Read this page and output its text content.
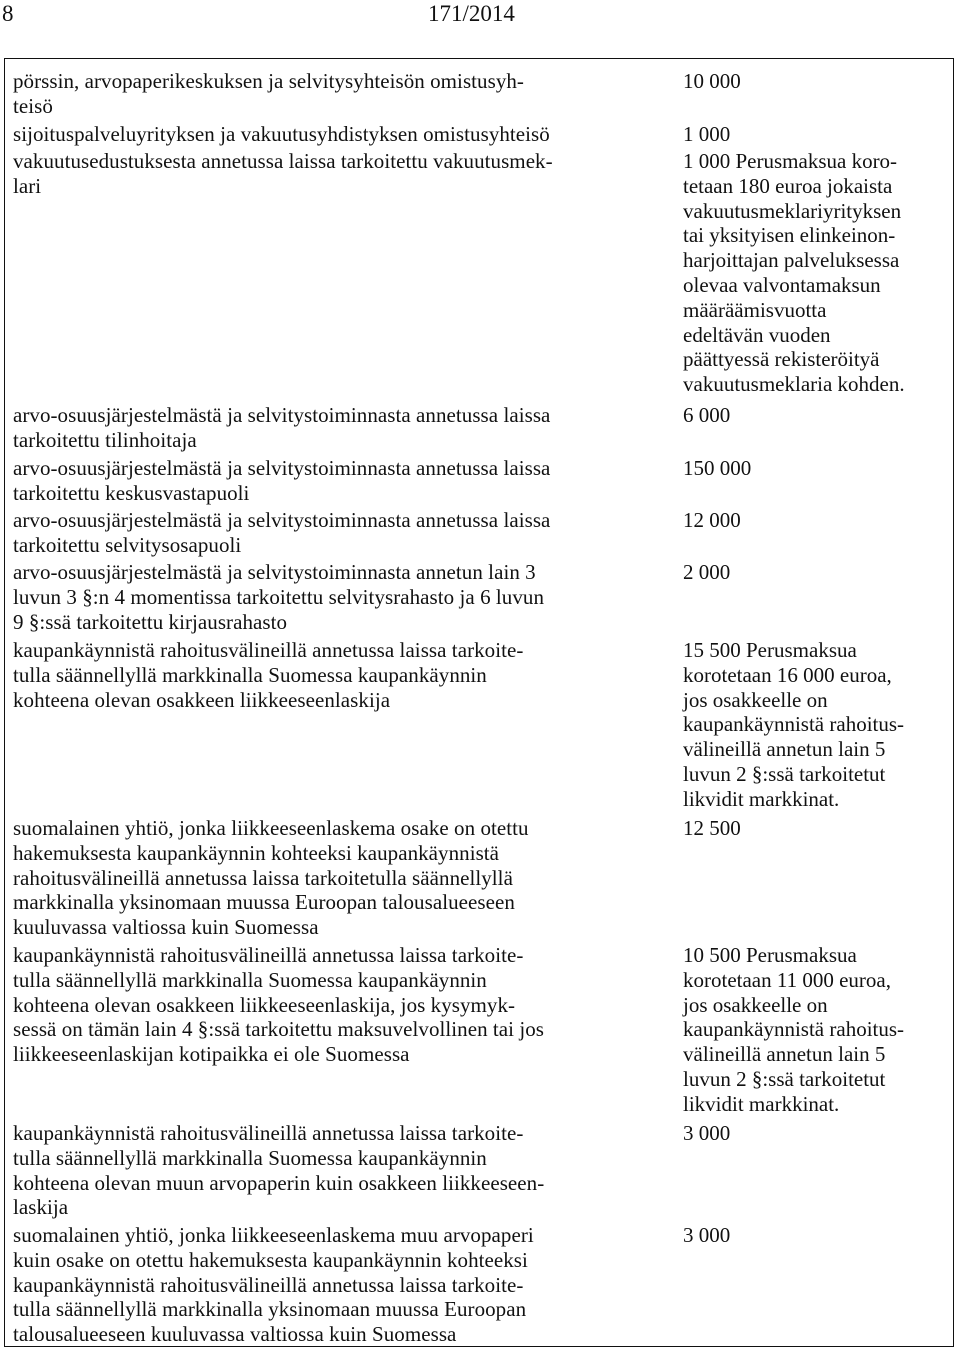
8	171/2014
pörssin, arvopaperikeskuksen ja selvitysyhteisön omistusyh-
teisö
10 000
sijoituspalveluyrityksen ja vakuutusyhdistyksen omistusyhteisö	1 000
vakuutusedustuksesta annetussa laissa tarkoitettu vakuutusmek-
lari
1 000 Perusmaksua koro-
tetaan 180 euroa jokaista
vakuutusmeklariyrityksen
tai yksityisen elinkeinon-
harjoittajan palveluksessa
olevaa valvontamaksun
määräämisvuotta
edeltävän vuoden
päättyessä rekisteröityä
vakuutusmeklaria kohden.
arvo-osuusjärjestelmästä ja selvitystoiminnasta annetussa laissa
tarkoitettu tilinhoitaja
6 000
arvo-osuusjärjestelmästä ja selvitystoiminnasta annetussa laissa
tarkoitettu keskusvastapuoli
150 000
arvo-osuusjärjestelmästä ja selvitystoiminnasta annetussa laissa
tarkoitettu selvitysosapuoli
12 000
arvo-osuusjärjestelmästä ja selvitystoiminnasta annetun lain 3
luvun 3 §:n 4 momentissa tarkoitettu selvitysrahasto ja 6 luvun
9 §:ssä tarkoitettu kirjausrahasto
2 000
kaupankäynnistä rahoitusvälineillä annetussa laissa tarkoite-
tulla säännellyllä markkinalla Suomessa kaupankäynnin
kohteena olevan osakkeen liikkeeseenlaskija
15 500 Perusmaksua
korotetaan 16 000 euroa,
jos osakkeelle on
kaupankäynnistä rahoitus-
välineillä annetun lain 5
luvun 2 §:ssä tarkoitetut
likvidit markkinat.
suomalainen yhtiö, jonka liikkeeseenlaskema osake on otettu
hakemuksesta kaupankäynnin kohteeksi kaupankäynnistä
rahoitusvälineillä annetussa laissa tarkoitetulla säännellyllä
markkinalla yksinomaan muussa Euroopan talousalueeseen
kuuluvassa valtiossa kuin Suomessa
12 500
kaupankäynnistä rahoitusvälineillä annetussa laissa tarkoite-
tulla säännellyllä markkinalla Suomessa kaupankäynnin
kohteena olevan osakkeen liikkeeseenlaskija, jos kysymyk-
sessä on tämän lain 4 §:ssä tarkoitettu maksuvelvollinen tai jos
liikkeeseenlaskijan kotipaikka ei ole Suomessa
10 500 Perusmaksua
korotetaan 11 000 euroa,
jos osakkeelle on
kaupankäynnistä rahoitus-
välineillä annetun lain 5
luvun 2 §:ssä tarkoitetut
likvidit markkinat.
kaupankäynnistä rahoitusvälineillä annetussa laissa tarkoite-
tulla säännellyllä markkinalla Suomessa kaupankäynnin
kohteena olevan muun arvopaperin kuin osakkeen liikkeeseen-
laskija
3 000
suomalainen yhtiö, jonka liikkeeseenlaskema muu arvopaperi
kuin osake on otettu hakemuksesta kaupankäynnin kohteeksi
kaupankäynnistä rahoitusvälineillä annetussa laissa tarkoite-
tulla säännellyllä markkinalla yksinomaan muussa Euroopan
talousalueeseen kuuluvassa valtiossa kuin Suomessa
3 000
